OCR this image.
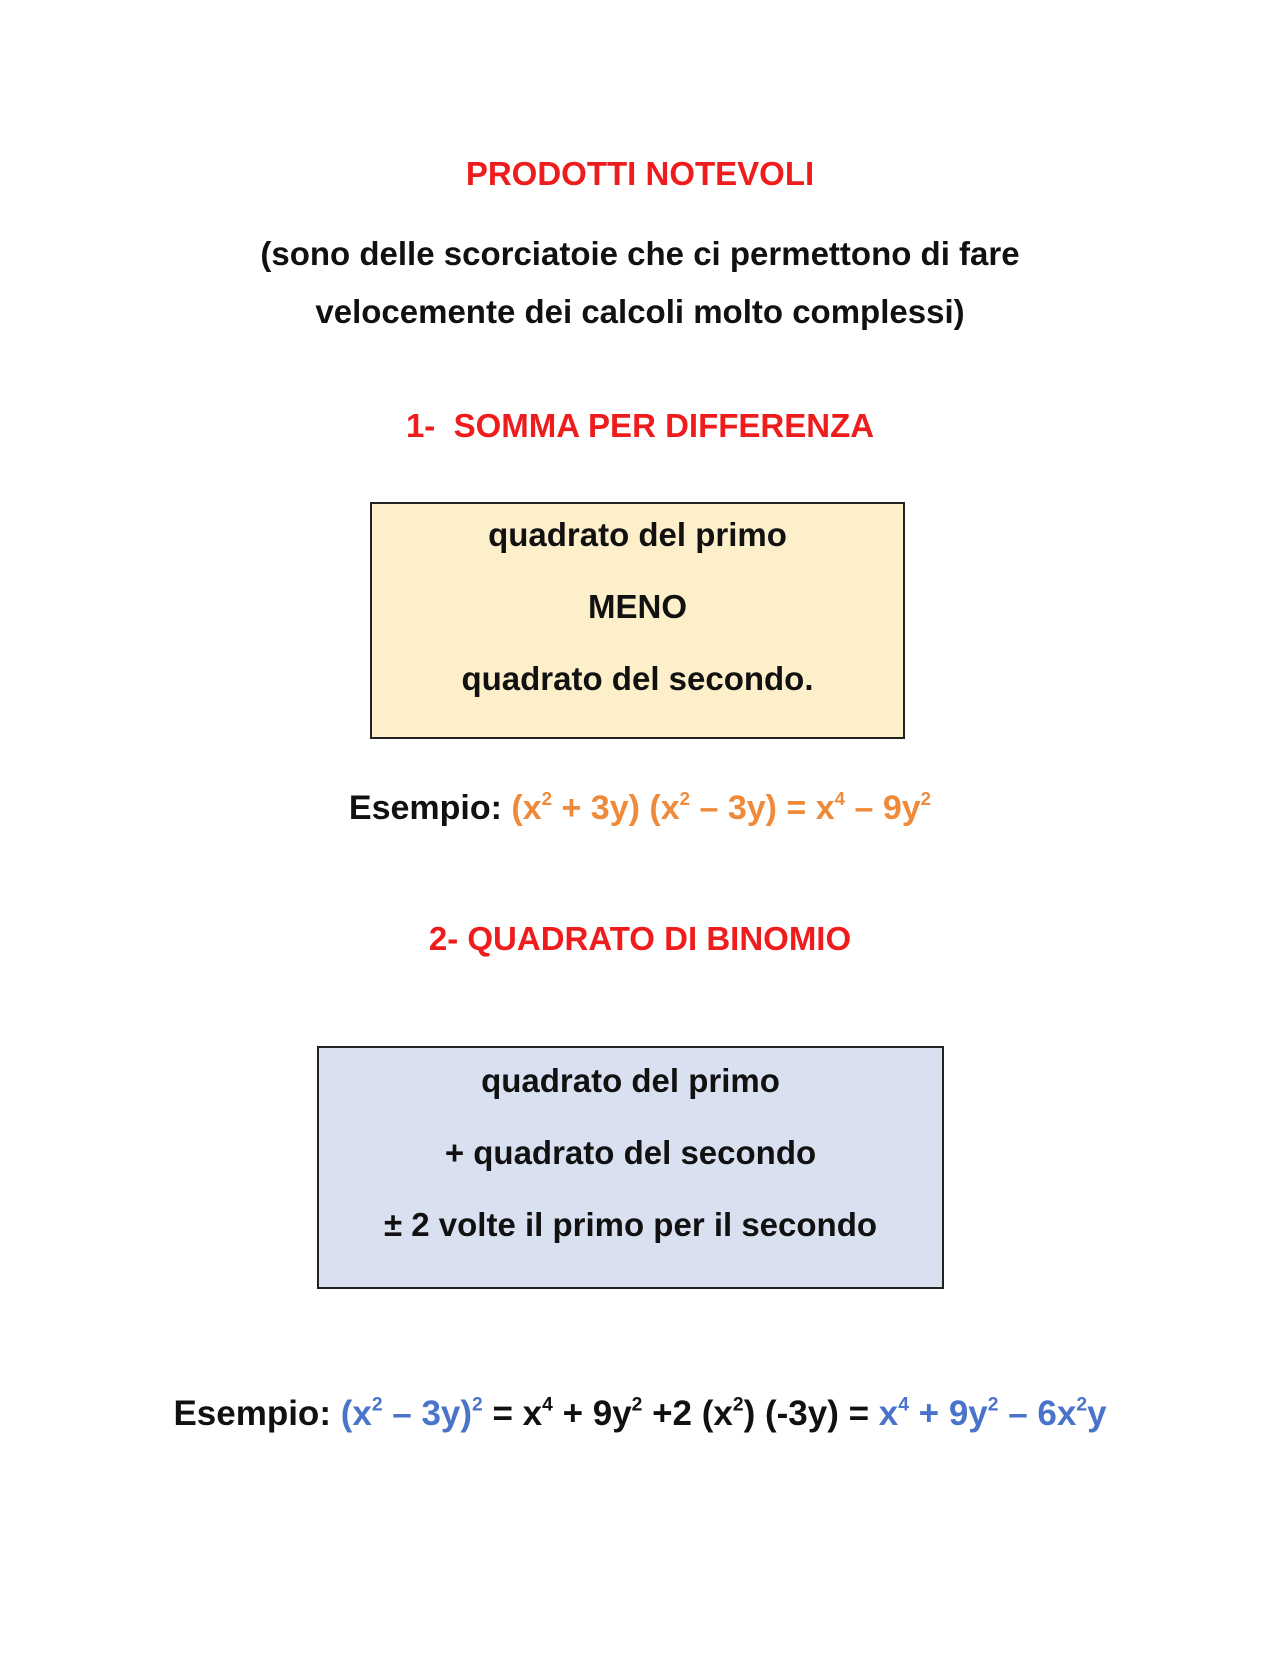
PRODOTTI NOTEVOLI
(sono delle scorciatoie che ci permettono di fare
velocemente dei calcoli molto complessi)
1-  SOMMA PER DIFFERENZA
quadrato del primo
MENO
quadrato del secondo.
Esempio: $(x^2 + 3y)$ $(x^2 - 3y) = x^4 - 9y^2$
2- QUADRATO DI BINOMIO
quadrato del primo
+ quadrato del secondo
± 2 volte il primo per il secondo
Esempio: $(x^2 - 3y)^2 = x^4 + 9y^2 +2$ $(x^2) (-3y) = x^4 + 9y^2 - 6x^2y$
